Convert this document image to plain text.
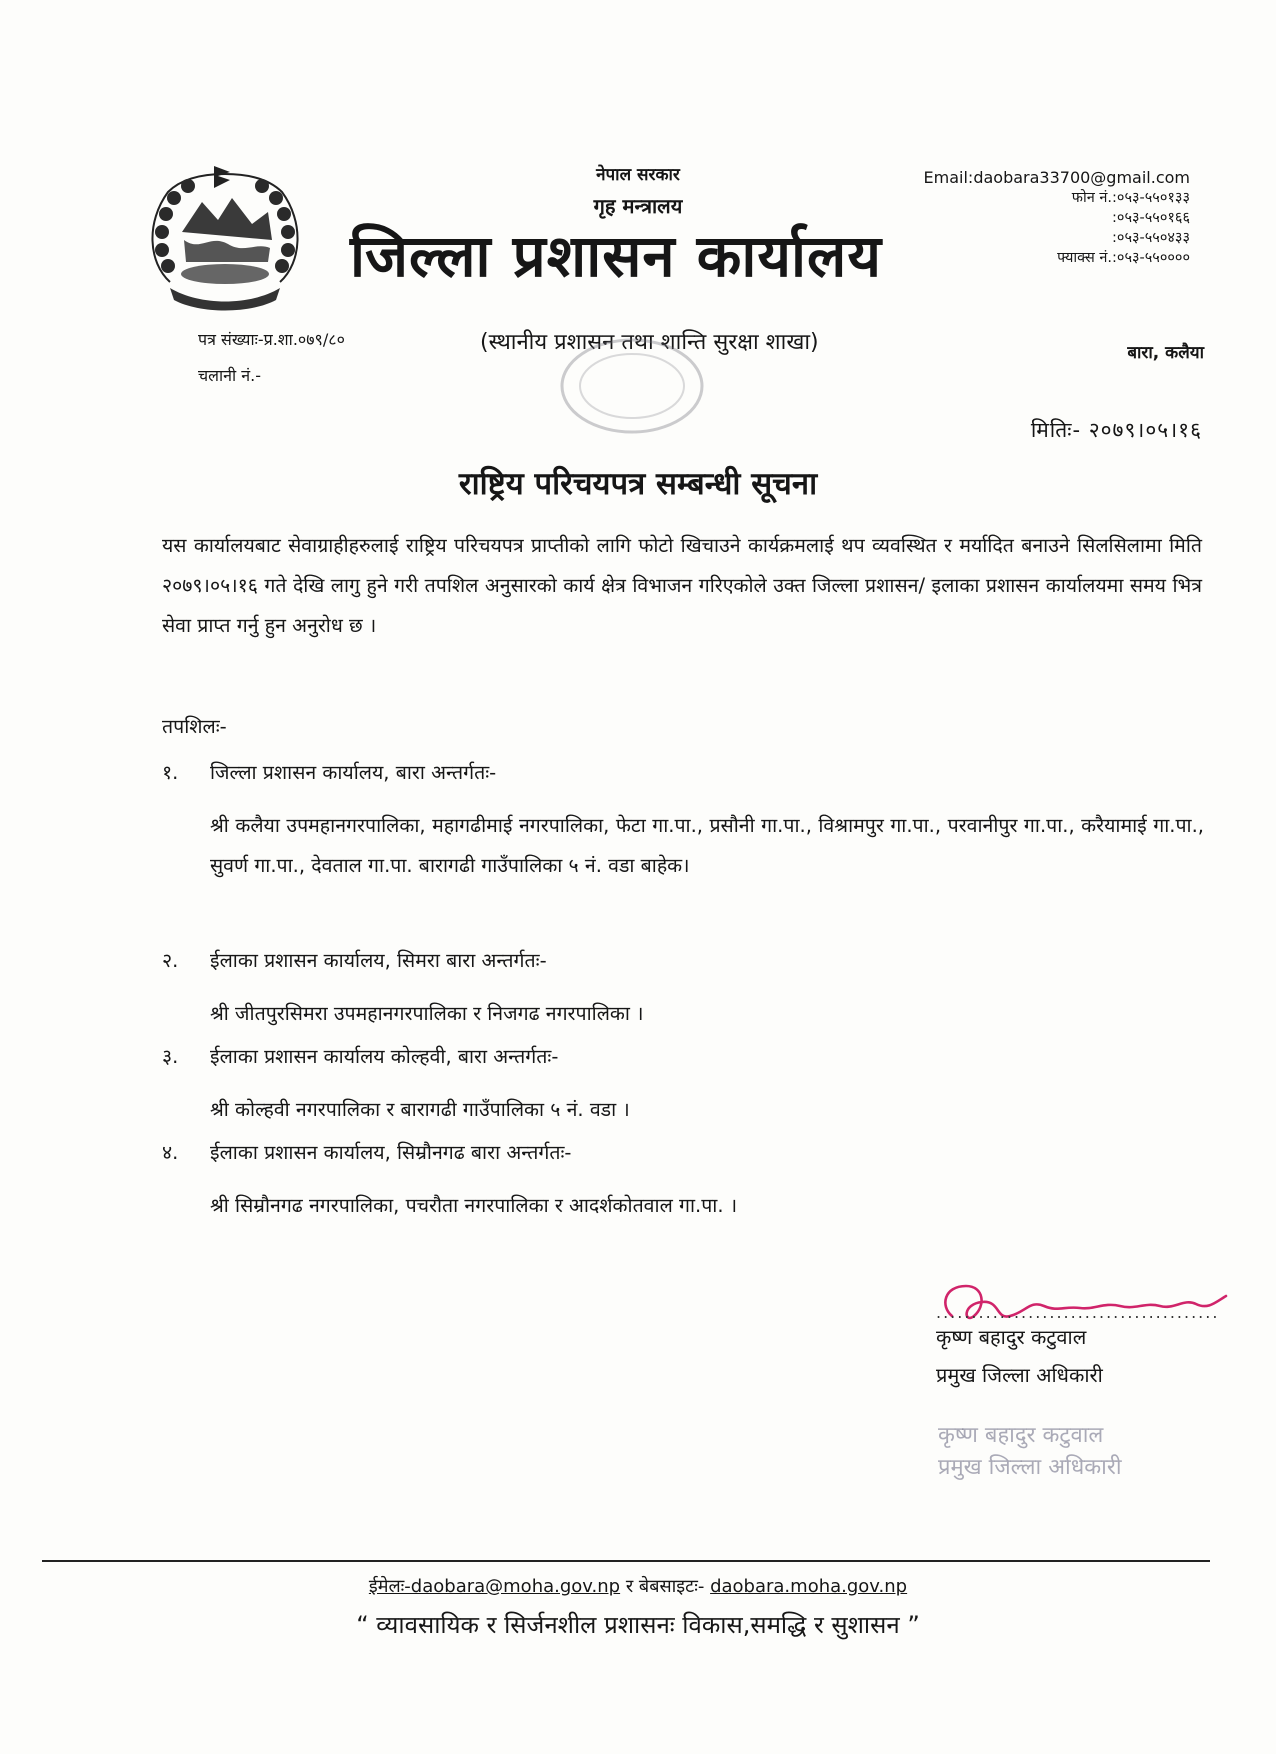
नेपाल सरकार
गृह मन्त्रालय
जिल्ला प्रशासन कार्यालय
Email:daobara33700@gmail.com
फोन नं.:०५३-५५०१३३
:०५३-५५०१६६
:०५३-५५०४३३
फ्याक्स नं.:०५३-५५००००
पत्र संख्याः-प्र.शा.०७९/८०
चलानी नं.-
(स्थानीय प्रशासन तथा शान्ति सुरक्षा शाखा)	बारा, कलैया
मितिः- २०७९।०५।१६
राष्ट्रिय परिचयपत्र सम्बन्धी सूचना
यस कार्यालयबाट सेवाग्राहीहरुलाई राष्ट्रिय परिचयपत्र प्राप्तीको लागि फोटो खिचाउने कार्यक्रमलाई थप व्यवस्थित र मर्यादित बनाउने सिलसिलामा मिति २०७९।०५।१६ गते देखि लागु हुने गरी तपशिल अनुसारको कार्य क्षेत्र विभाजन गरिएकोले उक्त जिल्ला प्रशासन/ इलाका प्रशासन कार्यालयमा समय भित्र सेवा प्राप्त गर्नु हुन अनुरोध छ ।
तपशिलः-
१. जिल्ला प्रशासन कार्यालय, बारा अन्तर्गतः-
श्री कलैया उपमहानगरपालिका, महागढीमाई नगरपालिका, फेटा गा.पा., प्रसौनी गा.पा., विश्रामपुर गा.पा., परवानीपुर गा.पा., करैयामाई गा.पा., सुवर्ण गा.पा., देवताल गा.पा. बारागढी गाउँपालिका ५ नं. वडा बाहेक।
२. ईलाका प्रशासन कार्यालय, सिमरा बारा अन्तर्गतः-
श्री जीतपुरसिमरा उपमहानगरपालिका र निजगढ नगरपालिका ।
३. ईलाका प्रशासन कार्यालय कोल्हवी, बारा अन्तर्गतः-
श्री कोल्हवी नगरपालिका र बारागढी गाउँपालिका ५ नं. वडा ।
४. ईलाका प्रशासन कार्यालय, सिम्रौनगढ बारा अन्तर्गतः-
श्री सिम्रौनगढ नगरपालिका, पचरौता नगरपालिका र आदर्शकोतवाल गा.पा. ।
........................................
कृष्ण बहादुर कटुवाल
प्रमुख जिल्ला अधिकारी
कृष्ण बहादुर कटुवाल
प्रमुख जिल्ला अधिकारी
ईमेलः-daobara@moha.gov.np र बेबसाइटः- daobara.moha.gov.np
“ व्यावसायिक र सिर्जनशील प्रशासनः विकास,समद्धि र सुशासन ”
